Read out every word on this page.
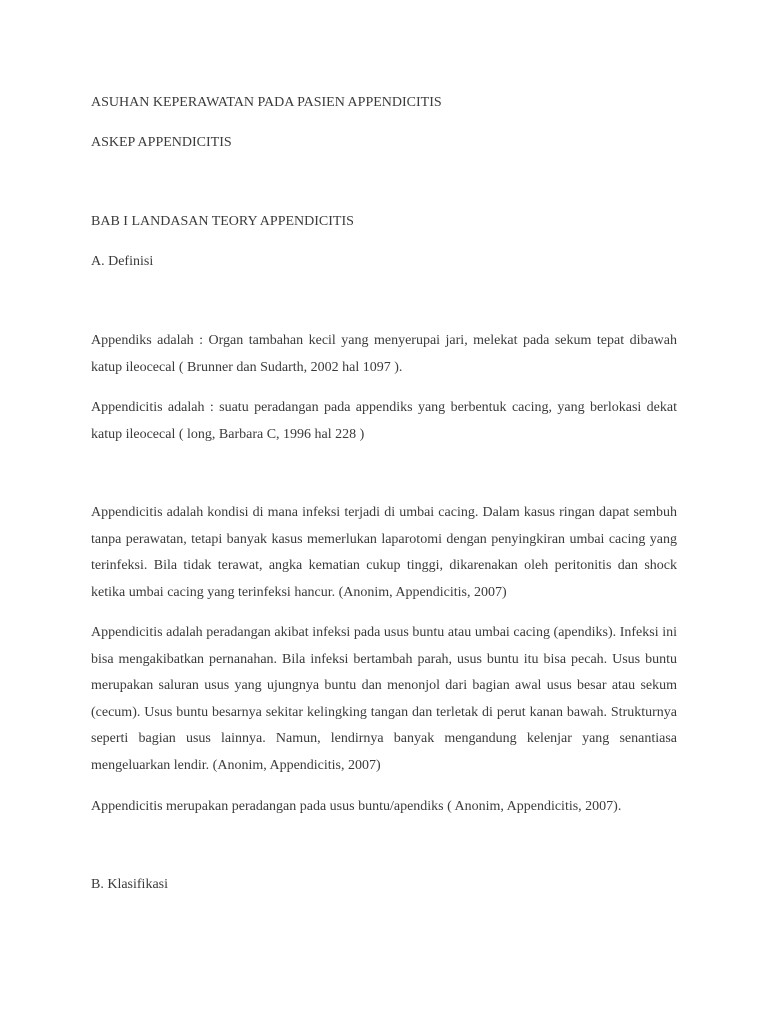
ASUHAN KEPERAWATAN PADA PASIEN APPENDICITIS

ASKEP APPENDICITIS

BAB I LANDASAN TEORY APPENDICITIS

A. Definisi

Appendiks adalah : Organ tambahan kecil yang menyerupai jari, melekat pada sekum tepat dibawah katup ileocecal ( Brunner dan Sudarth, 2002 hal 1097 ).

Appendicitis adalah : suatu peradangan pada appendiks yang berbentuk cacing, yang berlokasi dekat katup ileocecal ( long, Barbara C, 1996 hal 228 )

Appendicitis adalah kondisi di mana infeksi terjadi di umbai cacing. Dalam kasus ringan dapat sembuh tanpa perawatan, tetapi banyak kasus memerlukan laparotomi dengan penyingkiran umbai cacing yang terinfeksi. Bila tidak terawat, angka kematian cukup tinggi, dikarenakan oleh peritonitis dan shock ketika umbai cacing yang terinfeksi hancur. (Anonim, Appendicitis, 2007)

Appendicitis adalah peradangan akibat infeksi pada usus buntu atau umbai cacing (apendiks). Infeksi ini bisa mengakibatkan pernanahan. Bila infeksi bertambah parah, usus buntu itu bisa pecah. Usus buntu merupakan saluran usus yang ujungnya buntu dan menonjol dari bagian awal usus besar atau sekum (cecum). Usus buntu besarnya sekitar kelingking tangan dan terletak di perut kanan bawah. Strukturnya seperti bagian usus lainnya. Namun, lendirnya banyak mengandung kelenjar yang senantiasa mengeluarkan lendir. (Anonim, Appendicitis, 2007)

Appendicitis merupakan peradangan pada usus buntu/apendiks ( Anonim, Appendicitis, 2007).

B. Klasifikasi
